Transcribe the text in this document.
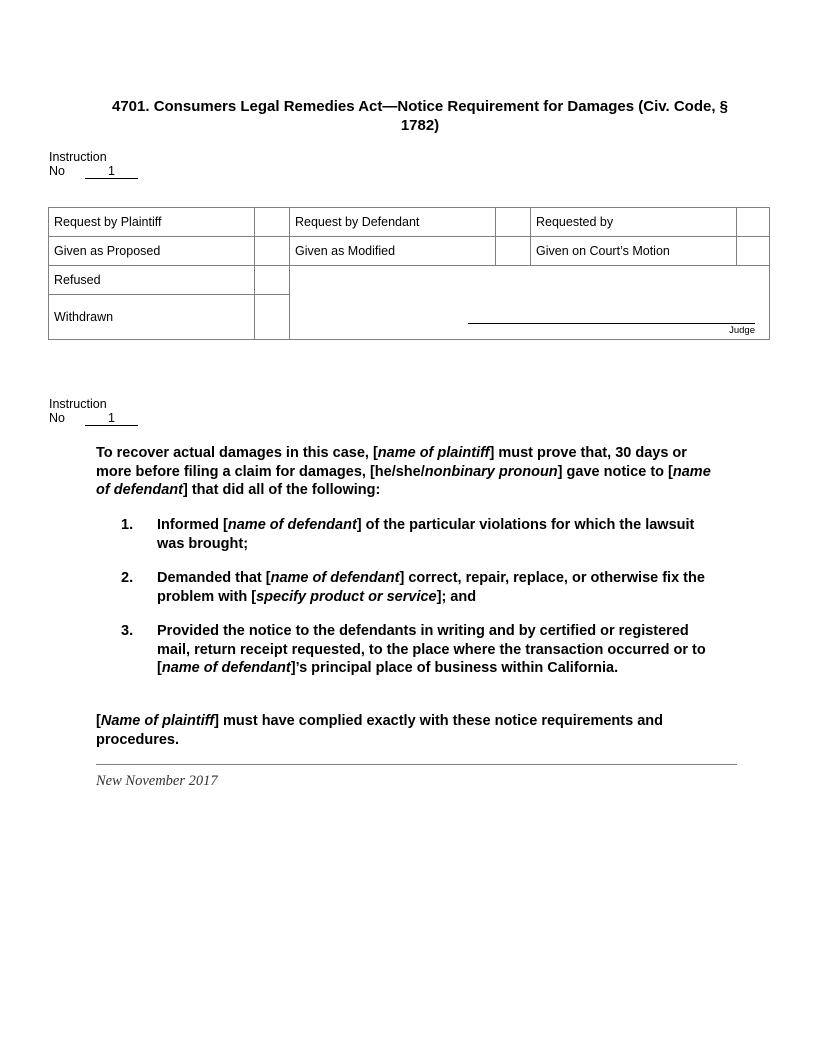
4701. Consumers Legal Remedies Act—Notice Requirement for Damages (Civ. Code, § 1782)
Instruction
No	1
Request by Plaintiff		Request by Defendant		Requested by	
Given as Proposed		Given as Modified		Given on Court’s Motion	
Refused		Judge			

Withdrawn					
Instruction
No	1
To recover actual damages in this case, [name of plaintiff] must prove that, 30 days or more before filing a claim for damages, [he/she/nonbinary pronoun] gave notice to [name of defendant] that did all of the following:
1. Informed [name of defendant] of the particular violations for which the lawsuit was brought;
2. Demanded that [name of defendant] correct, repair, replace, or otherwise fix the problem with [specify product or service]; and
3. Provided the notice to the defendants in writing and by certified or registered mail, return receipt requested, to the place where the transaction occurred or to [name of defendant]’s principal place of business within California.
[Name of plaintiff] must have complied exactly with these notice requirements and procedures.
New November 2017
